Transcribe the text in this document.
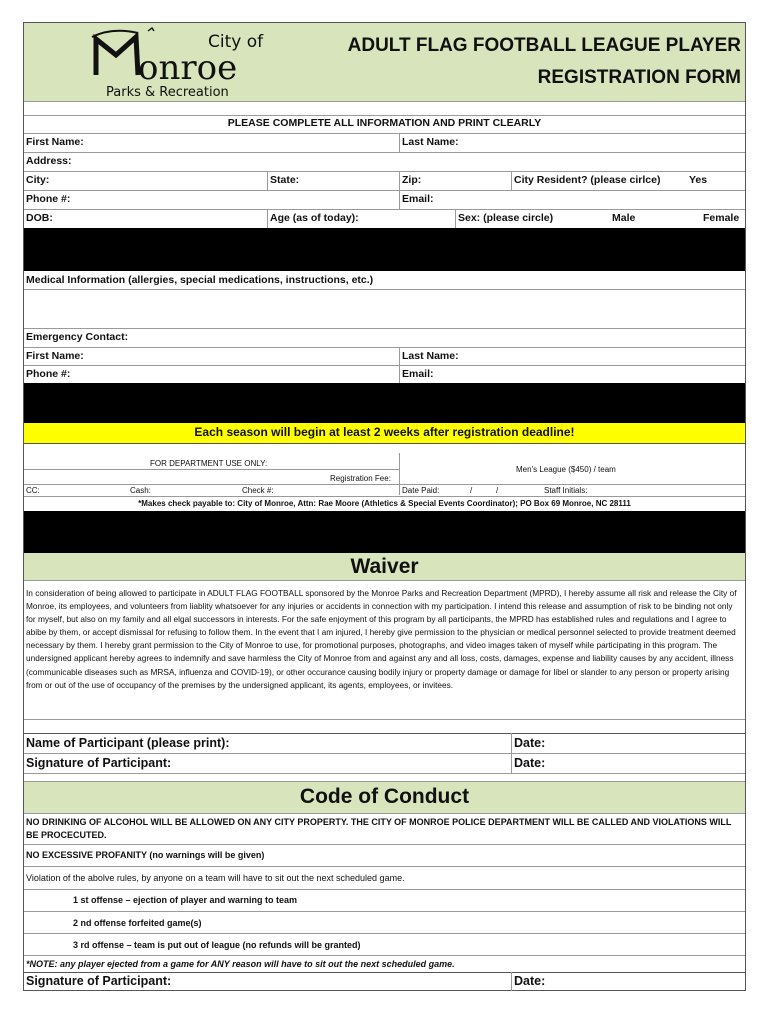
City of
onroe
Parks & Recreation
ADULT FLAG FOOTBALL LEAGUE PLAYER
REGISTRATION FORM
PLEASE COMPLETE ALL INFORMATION AND PRINT CLEARLY
First Name:	Last Name:
Address:
City:	State:	Zip:	City Resident? (please cirlce)	Yes
Phone #:	Email:
DOB:	Age (as of today):	Sex: (please circle)	Male	Female
Medical Information (allergies, special medications, instructions, etc.)
Emergency Contact:
First Name:	Last Name:
Phone #:	Email:
Each season will begin at least 2 weeks after registration deadline!
FOR DEPARTMENT USE ONLY:
Men's League ($450) / team
Registration Fee:
CC:	Cash:	Check #:	Date Paid:	/	/	Staff Initials:
*Makes check payable to: City of Monroe, Attn: Rae Moore (Athletics & Special Events Coordinator); PO Box 69 Monroe, NC 28111
Waiver
In consideration of being allowed to participate in ADULT FLAG FOOTBALL sponsored by the Monroe Parks and Recreation Department (MPRD), I hereby assume all risk and release the City of Monroe, its employees, and volunteers from liablity whatsoever for any injuries or accidents in connection with my participation. I intend this release and assumption of risk to be binding not only for myself, but also on my family and all elgal successors in interests. For the safe enjoyment of this program by all participants, the MPRD has established rules and regulations and I agree to abibe by them, or accept dismissal for refusing to follow them. In the event that I am injured, I hereby give permission to the physician or medical personnel selected to provide treatment deemed necessary by them. I hereby grant permission to the City of Monroe to use, for promotional purposes, photographs, and video images taken of myself while participating in this program. The undersigned applicant hereby agrees to indemnify and save harmless the City of Monroe from and against any and all loss, costs, damages, expense and liability causes by any accident, illness (communicable diseases such as MRSA, influenza and COVID-19), or other occurance causing bodily injury or property damage or damage for libel or slander to any person or property arising from or out of the use of occupancy of the premises by the undersigned applicant, its agents, employees, or invitees.
Name of Participant (please print):	Date:
Signature of Participant:	Date:
Code of Conduct
NO DRINKING OF ALCOHOL WILL BE ALLOWED ON ANY CITY PROPERTY. THE CITY OF MONROE POLICE DEPARTMENT WILL BE CALLED AND VIOLATIONS WILL BE PROCECUTED.
NO EXCESSIVE PROFANITY (no warnings will be given)
Violation of the abolve rules, by anyone on a team will have to sit out the next scheduled game.
1 st offense – ejection of player and warning to team
2 nd offense forfeited game(s)
3 rd offense – team is put out of league (no refunds will be granted)
*NOTE: any player ejected from a game for ANY reason will have to sit out the next scheduled game.
Signature of Participant:	Date:
